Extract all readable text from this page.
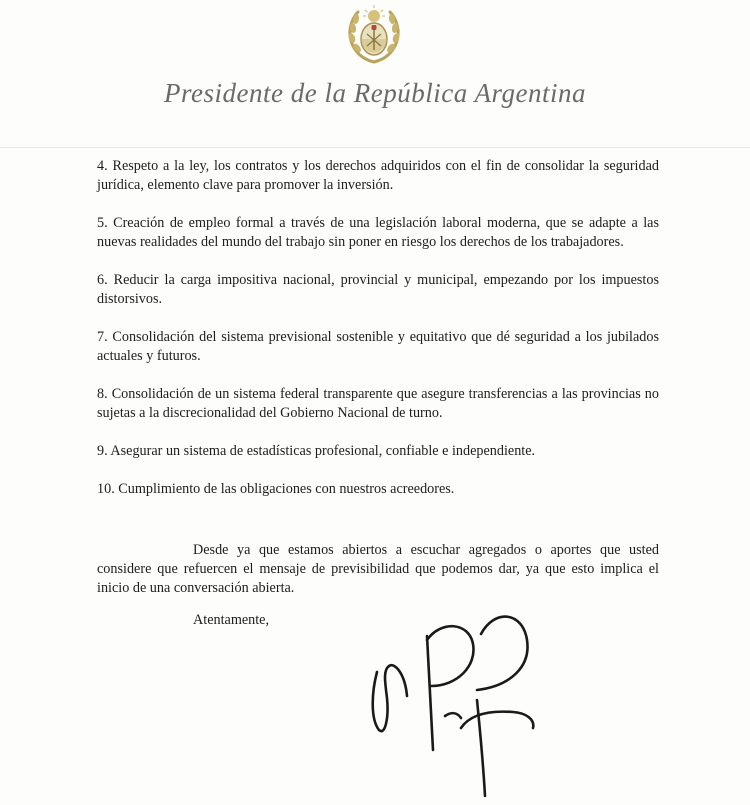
Presidente de la República Argentina
4. Respeto a la ley, los contratos y los derechos adquiridos con el fin de consolidar la seguridad jurídica, elemento clave para promover la inversión.
5. Creación de empleo formal a través de una legislación laboral moderna, que se adapte a las nuevas realidades del mundo del trabajo sin poner en riesgo los derechos de los trabajadores.
6. Reducir la carga impositiva nacional, provincial y municipal, empezando por los impuestos distorsivos.
7. Consolidación del sistema previsional sostenible y equitativo que dé seguridad a los jubilados actuales y futuros.
8. Consolidación de un sistema federal transparente que asegure transferencias a las provincias no sujetas a la discrecionalidad del Gobierno Nacional de turno.
9. Asegurar un sistema de estadísticas profesional, confiable e independiente.
10. Cumplimiento de las obligaciones con nuestros acreedores.

Desde ya que estamos abiertos a escuchar agregados o aportes que usted considere que refuercen el mensaje de previsibilidad que podemos dar, ya que esto implica el inicio de una conversación abierta.

Atentamente,
